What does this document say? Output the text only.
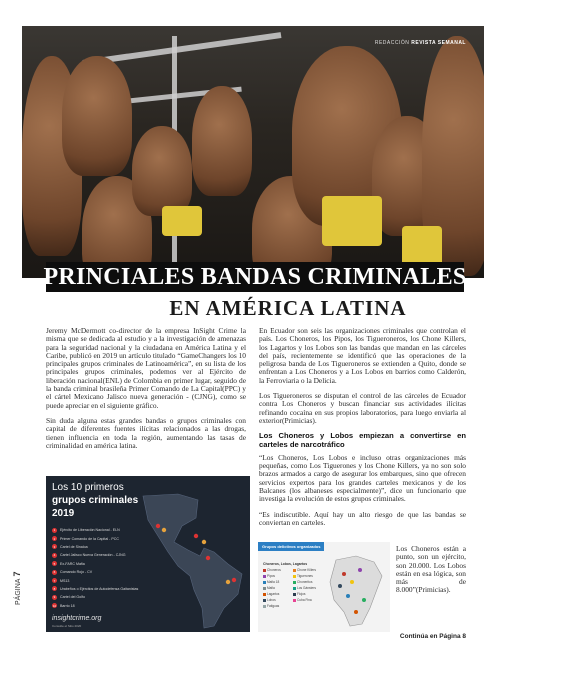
REDACCIÓN REVISTA SEMANAL
PRINCIALES BANDAS CRIMINALES
EN AMÉRICA LATINA

Jeremy McDermott co-director de la empresa InSight Crime la misma que se dedicada al estudio y a la investigación de amenazas para la seguridad nacional y la ciudadana en América Latina y el Caribe, publicó en 2019 un artículo titulado “GameChangers los 10 principales grupos criminales de Latinoamérica”, en su lista de los principales grupos criminales, podemos ver al Ejército de liberación nacional(ENL) de Colombia en primer lugar, seguido de la banda criminal brasileña Primer Comando de La Capital(PPC) y el cártel Mexicano Jalisco nueva generación - (CJNG), como se puede apreciar en el siguiente gráfico.

Sin duda alguna estas grandes bandas o grupos criminales con capital de diferentes fuentes ilícitas relacionados a las drogas, tienen influencia en toda la región, aumentando las tasas de criminalidad en américa latina.

En Ecuador son seis las organizaciones criminales que controlan el país. Los Choneros, los Pipos, los Tigueroneros, los Chone Killers, los Lagartos y los Lobos son las bandas que mandan en las cárceles del país, recientemente se identificó que las operaciones de la peligrosa banda de Los Tigueroneros se extienden a Quito, donde se enfrentan a Los Choneros y a Los Lobos en barrios como Calderón, la Ferroviaria o la Delicia.

Los Tigueroneros se disputan el control de las cárceles de Ecuador contra Los Choneros y buscan financiar sus actividades ilícitas refinando cocaína en sus propios laboratorios, para luego enviarla al exterior(Primicias).

Los Choneros y Lobos empiezan a convertirse en carteles de narcotráfico

“Los Choneros, Los Lobos e incluso otras organizaciones más pequeñas, como Los Tiguerones y los Chone Killers, ya no son solo brazos armados a cargo de asegurar los embarques, sino que ofrecen servicios expertos para los grandes carteles mexicanos y de los Balcanes (los albaneses especialmente)”, dice un funcionario que investiga la evolución de estos grupos criminales.

“Es indiscutible. Aquí hay un alto riesgo de que las bandas se conviertan en carteles.

Los 10 primeros
grupos criminales
2019
1	Ejército de Liberación Nacional - ELN
2	Primer Comando de la Capital - PCC
3	Cartel de Sinaloa
4	Cartel Jalisco Nueva Generación - CJNG
5	Ex-FARC Mafia
6	Comando Rojo - CV
7	MS13
8	Urabeños o Ejércitos de Autodefensa Gaitanistas
9	Cartel del Golfo
10 Barrio 18
insightcrime.org
Consulte el Sitio 2020
Grupos delictivos organizados
Choneros, Lobos, Lagartos
Choneros	Chone Killers
Pipos	Tiguerones
Mafia 18	Choneritos
Mafia	Los Gánsters
Lagartos	Flojos
Lobos	Cuba Fina
Fatiguas
Los Choneros están a punto, son un ejército, son 20.000. Los Lobos están en esa lógica, son más de 8.000”(Primicias).
Continúa en Página 8
PÁGINA7
